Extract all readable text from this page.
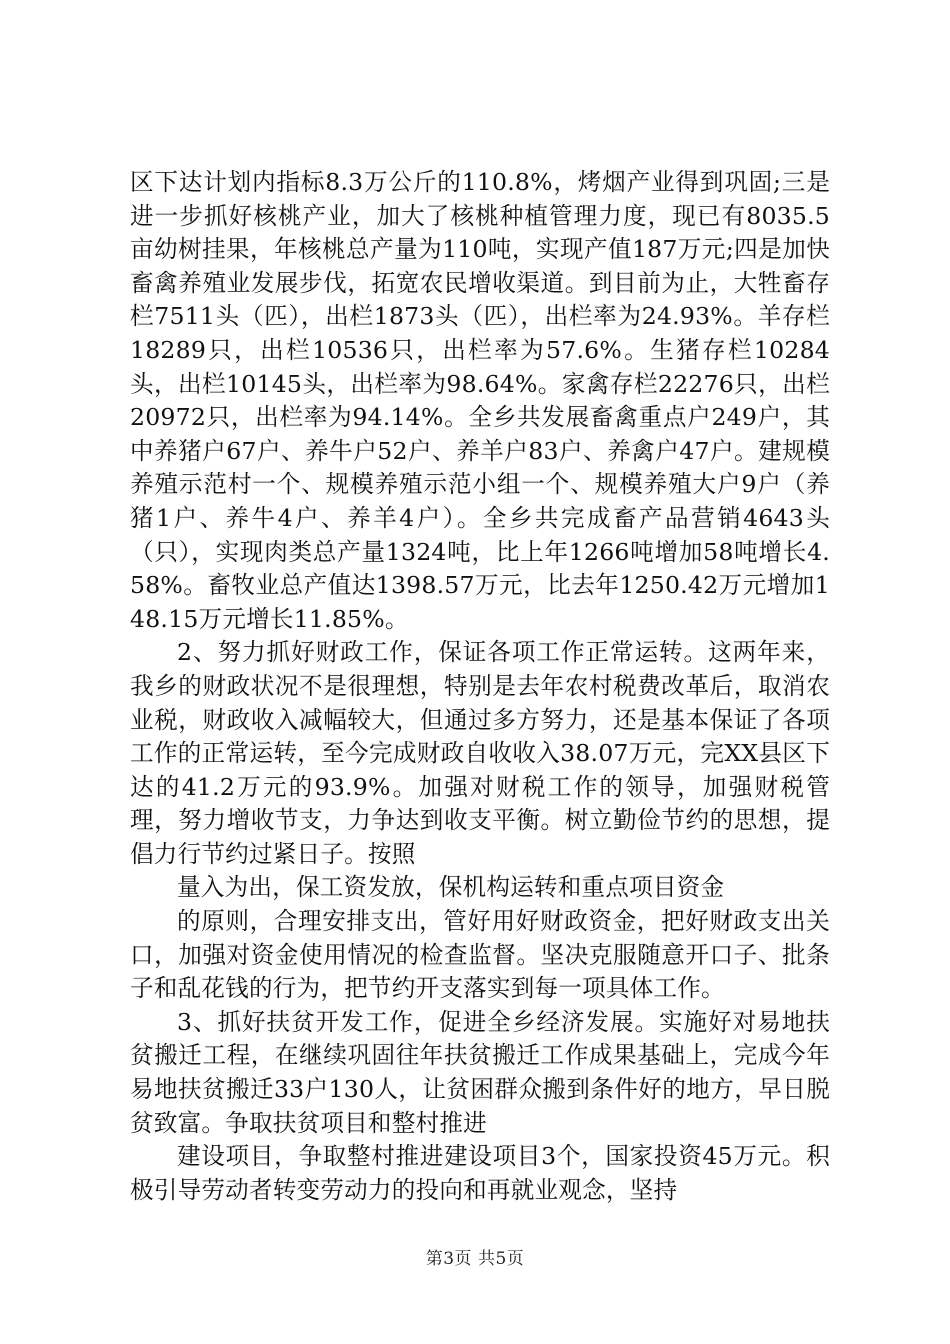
区下达计划内指标8.3万公斤的110.8%，烤烟产业得到巩固;三是进一步抓好核桃产业，加大了核桃种植管理力度，现已有8035.5亩幼树挂果，年核桃总产量为110吨，实现产值187万元;四是加快畜禽养殖业发展步伐，拓宽农民增收渠道。到目前为止，大牲畜存栏7511头（匹），出栏1873头（匹），出栏率为24.93%。羊存栏18289只，出栏10536只，出栏率为57.6%。生猪存栏10284头，出栏10145头，出栏率为98.64%。家禽存栏22276只，出栏20972只，出栏率为94.14%。全乡共发展畜禽重点户249户，其中养猪户67户、养牛户52户、养羊户83户、养禽户47户。建规模养殖示范村一个、规模养殖示范小组一个、规模养殖大户9户（养猪1户、养牛4户、养羊4户）。全乡共完成畜产品营销4643头（只），实现肉类总产量1324吨，比上年1266吨增加58吨增长4.58%。畜牧业总产值达1398.57万元，比去年1250.42万元增加148.15万元增长11.85%。

2、努力抓好财政工作，保证各项工作正常运转。这两年来，我乡的财政状况不是很理想，特别是去年农村税费改革后，取消农业税，财政收入减幅较大，但通过多方努力，还是基本保证了各项工作的正常运转，至今完成财政自收收入38.07万元，完XX县区下达的41.2万元的93.9%。加强对财税工作的领导，加强财税管理，努力增收节支，力争达到收支平衡。树立勤俭节约的思想，提倡力行节约过紧日子。按照

量入为出，保工资发放，保机构运转和重点项目资金

的原则，合理安排支出，管好用好财政资金，把好财政支出关口，加强对资金使用情况的检查监督。坚决克服随意开口子、批条子和乱花钱的行为，把节约开支落实到每一项具体工作。

3、抓好扶贫开发工作，促进全乡经济发展。实施好对易地扶贫搬迁工程，在继续巩固往年扶贫搬迁工作成果基础上，完成今年易地扶贫搬迁33户130人，让贫困群众搬到条件好的地方，早日脱贫致富。争取扶贫项目和整村推进

建设项目，争取整村推进建设项目3个，国家投资45万元。积极引导劳动者转变劳动力的投向和再就业观念，坚持

第3页 共5页
